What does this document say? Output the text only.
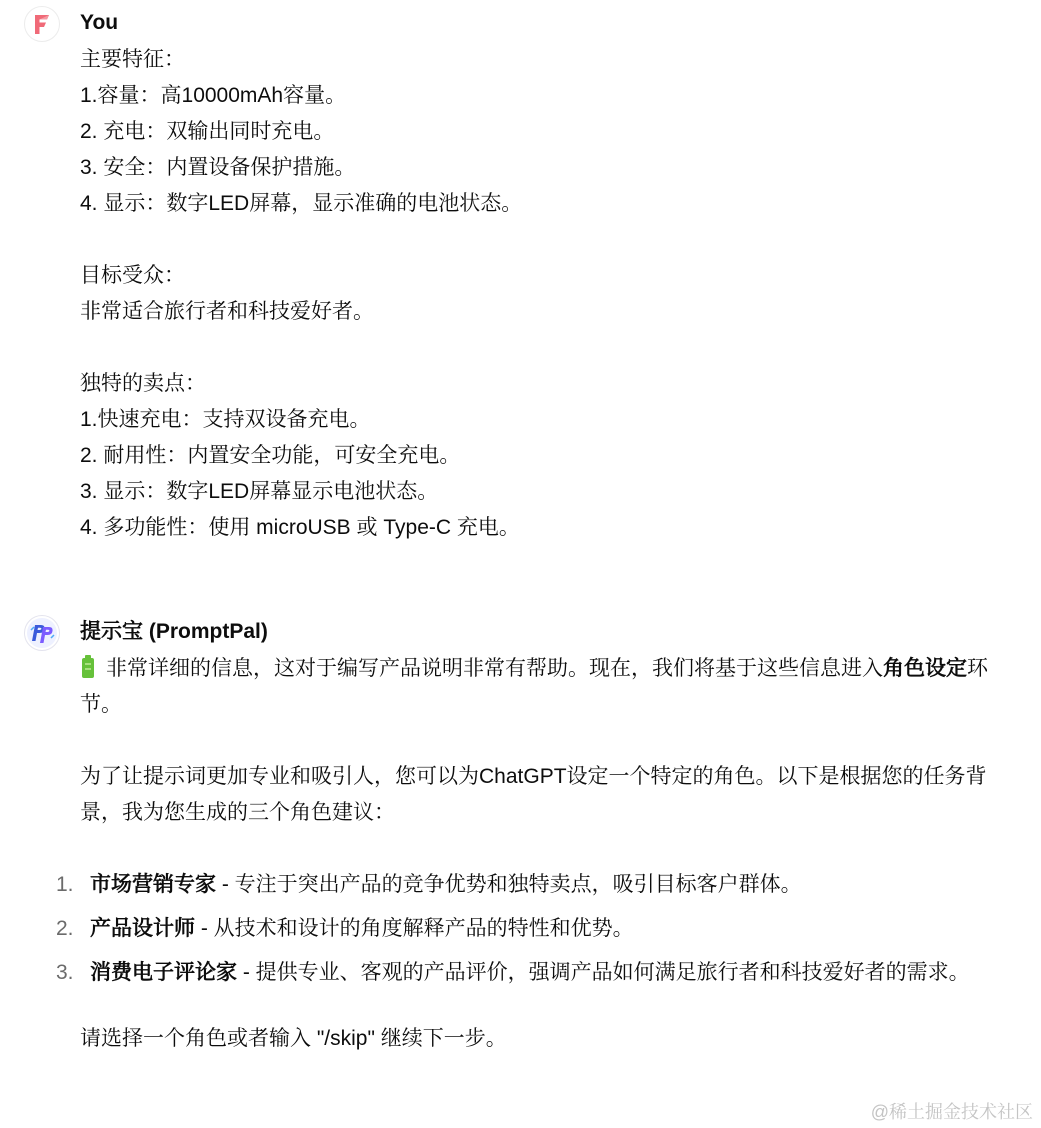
You
主要特征：
1.容量：高10000mAh容量。
2. 充电：双输出同时充电。
3. 安全：内置设备保护措施。
4. 显示：数字LED屏幕，显示准确的电池状态。
目标受众：
非常适合旅行者和科技爱好者。
独特的卖点：
1.快速充电：支持双设备充电。
2. 耐用性：内置安全功能，可安全充电。
3. 显示：数字LED屏幕显示电池状态。
4. 多功能性：使用 microUSB 或 Type-C 充电。
提示宝 (PromptPal)

非常详细的信息，这对于编写产品说明非常有帮助。现在，我们将基于这些信息进入角色设定环节。

为了让提示词更加专业和吸引人，您可以为ChatGPT设定一个特定的角色。以下是根据您的任务背景，我为您生成的三个角色建议：

1. 市场营销专家 - 专注于突出产品的竞争优势和独特卖点，吸引目标客户群体。
2. 产品设计师 - 从技术和设计的角度解释产品的特性和优势。
3. 消费电子评论家 - 提供专业、客观的产品评价，强调产品如何满足旅行者和科技爱好者的需求。

请选择一个角色或者输入 "/skip" 继续下一步。

@稀土掘金技术社区
